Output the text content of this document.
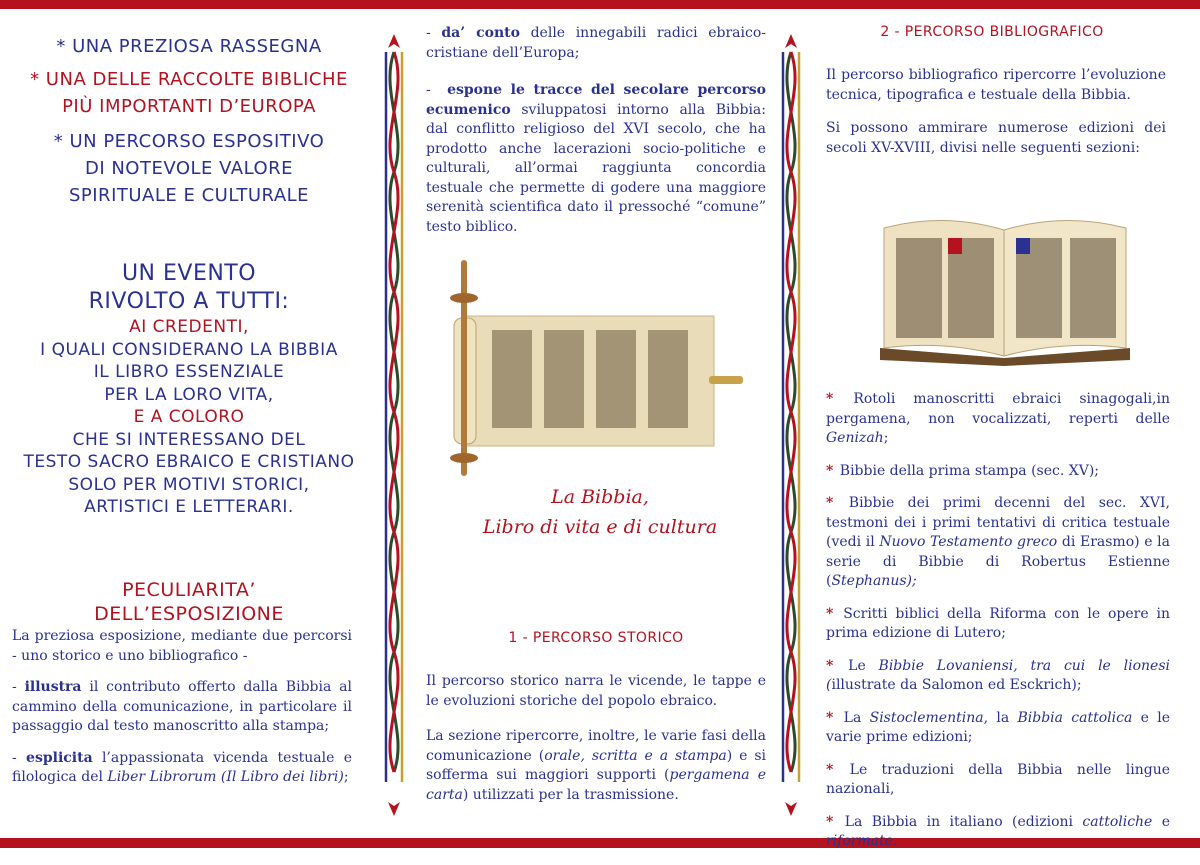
* UNA PREZIOSA RASSEGNA
* UNA DELLE RACCOLTE BIBLICHE
PIÙ IMPORTANTI D’EUROPA
* UN PERCORSO ESPOSITIVO
DI NOTEVOLE VALORE
SPIRITUALE E CULTURALE
UN EVENTO
RIVOLTO A TUTTI:
AI CREDENTI,
I QUALI CONSIDERANO LA BIBBIA
IL LIBRO ESSENZIALE
PER LA LORO VITA,
E A COLORO
CHE SI INTERESSANO DEL
TESTO SACRO EBRAICO E CRISTIANO
SOLO PER MOTIVI STORICI,
ARTISTICI E LETTERARI.
PECULIARITA’
DELL’ESPOSIZIONE

La preziosa esposizione, mediante due percorsi - uno storico e uno bibliografico -

- illustra il contributo offerto dalla Bibbia al cammino della comunicazione, in particolare il passaggio dal testo manoscritto alla stampa;

- esplicita l’appassionata vicenda testuale e filologica del Liber Librorum (Il Libro dei libri);

- da’ conto delle innegabili radici ebraico-cristiane dell’Europa;

-  espone le tracce del secolare percorso ecumenico sviluppatosi intorno alla Bibbia: dal conflitto religioso del XVI secolo, che ha prodotto anche lacerazioni socio-politiche e culturali, all’ormai raggiunta concordia testuale che permette di godere una maggiore serenità scientifica dato il pressoché “comune” testo biblico.

1 - PERCORSO STORICO

Il percorso storico narra le vicende, le tappe e le evoluzioni storiche del popolo ebraico.

La sezione ripercorre, inoltre, le varie fasi della comunicazione (orale, scritta e a stampa) e si sofferma sui maggiori supporti (pergamena e carta) utilizzati per la trasmissione.

La Bibbia,
Libro di vita e di cultura
2 - PERCORSO BIBLIOGRAFICO

Il percorso bibliografico ripercorre l’evoluzione tecnica, tipografica e testuale della Bibbia.

Si possono ammirare numerose edizioni dei secoli XV-XVIII, divisi nelle seguenti sezioni:

* Rotoli manoscritti ebraici sinagogali,in pergamena, non vocalizzati, reperti delle Genizah;
* Bibbie della prima stampa (sec. XV);
* Bibbie dei primi decenni del sec. XVI, testmoni dei i primi tentativi di critica testuale (vedi il Nuovo Testamento greco di Erasmo) e la serie di Bibbie di Robertus Estienne (Stephanus);
* Scritti biblici della Riforma con le opere in prima edizione di Lutero;
* Le Bibbie Lovaniensi, tra cui le lionesi (illustrate da Salomon ed Esckrich);
* La Sistoclementina, la Bibbia cattolica e le varie prime edizioni;
* Le traduzioni della Bibbia nelle lingue nazionali,
* La Bibbia in italiano (edizioni cattoliche e riformate.
